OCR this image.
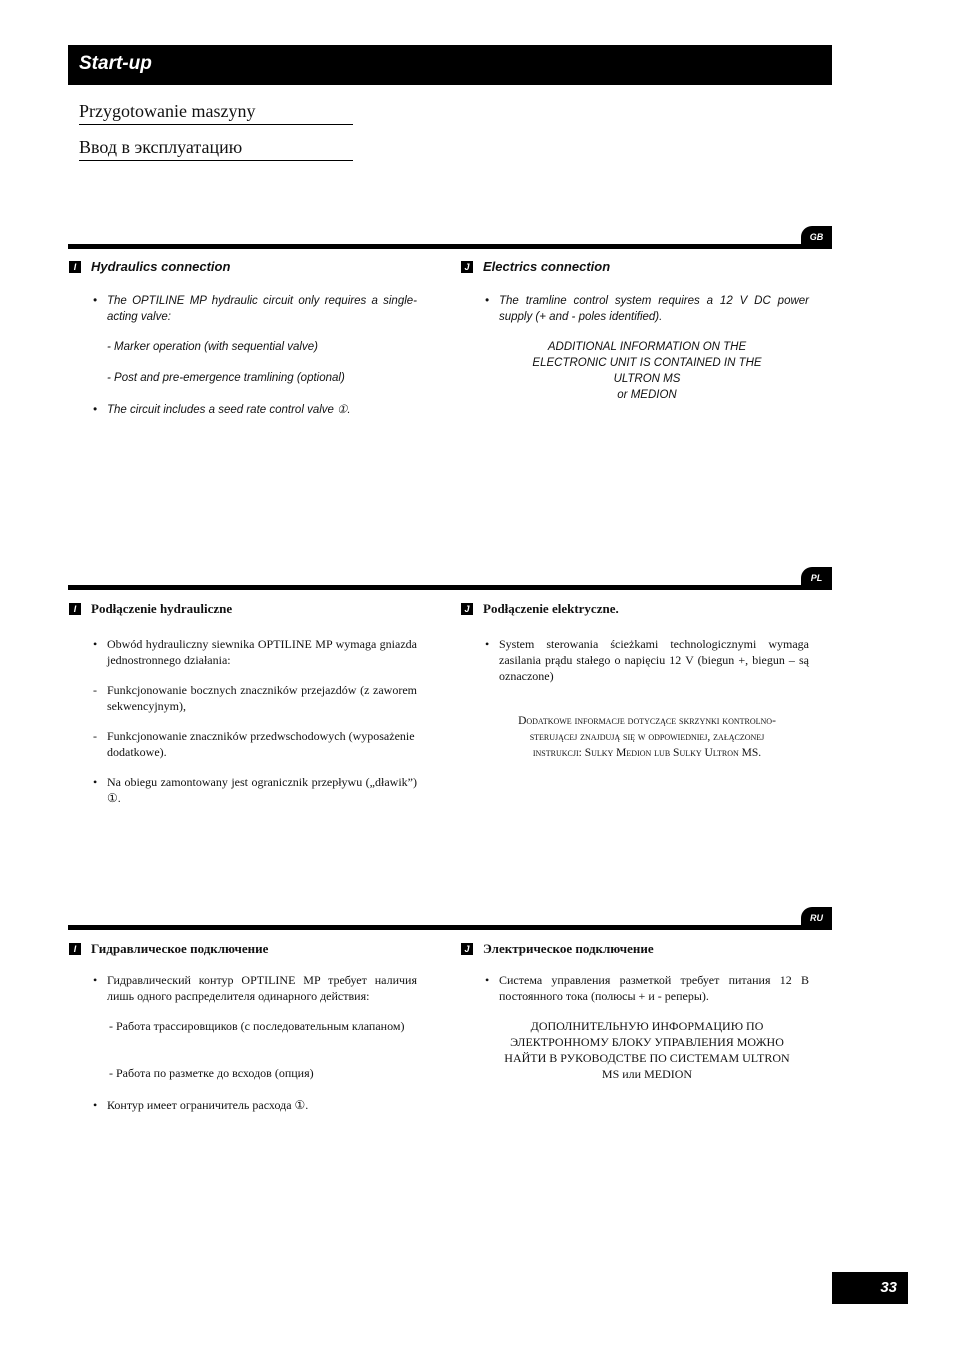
Start-up
Przygotowanie maszyny
Ввод в эксплуатацию
GB
I Hydraulics connection
• The OPTILINE MP hydraulic circuit only requires a single-acting valve:
- Marker operation (with sequential valve)
- Post and pre-emergence tramlining (optional)
• The circuit includes a seed rate control valve ①.
J Electrics connection
• The tramline control system requires a 12 V DC power supply (+ and - poles identified).
ADDITIONAL INFORMATION ON THE
ELECTRONIC UNIT IS CONTAINED IN THE
ULTRON MS
or MEDION
PL
I Podłączenie hydrauliczne
• Obwód hydrauliczny siewnika OPTILINE MP wymaga gniazda jednostronnego działania:
- Funkcjonowanie bocznych znaczników przejazdów (z zaworem sekwencyjnym),
- Funkcjonowanie znaczników przedwschodowych (wyposażenie dodatkowe).
• Na obiegu zamontowany jest ogranicznik przepływu („dławik”) ①.
J Podłączenie elektryczne.
• System sterowania ścieżkami technologicznymi wymaga zasilania prądu stałego o napięciu 12 V (biegun +, biegun – są oznaczone)
Dodatkowe informacje dotyczące skrzynki kontrolno-
sterującej znajdują się w odpowiedniej, załączonej
instrukcji: Sulky Medion lub Sulky Ultron MS.
RU
I Гидравлическое подключение
• Гидравлический контур OPTILINE MP требует наличия лишь одного распределителя одинарного действия:
- Работа трассировщиков (с последовательным клапаном)
- Работа по разметке до всходов (опция)
• Контур имеет ограничитель расхода ①.
J Электрическое подключение
• Система управления разметкой требует питания 12 В постоянного тока (полюсы + и - реперы).
ДОПОЛНИТЕЛЬНУЮ ИНФОРМАЦИЮ ПО
ЭЛЕКТРОННОМУ БЛОКУ УПРАВЛЕНИЯ МОЖНО
НАЙТИ В РУКОВОДСТВЕ ПО СИСТЕМАМ ULTRON
MS или MEDION
33
